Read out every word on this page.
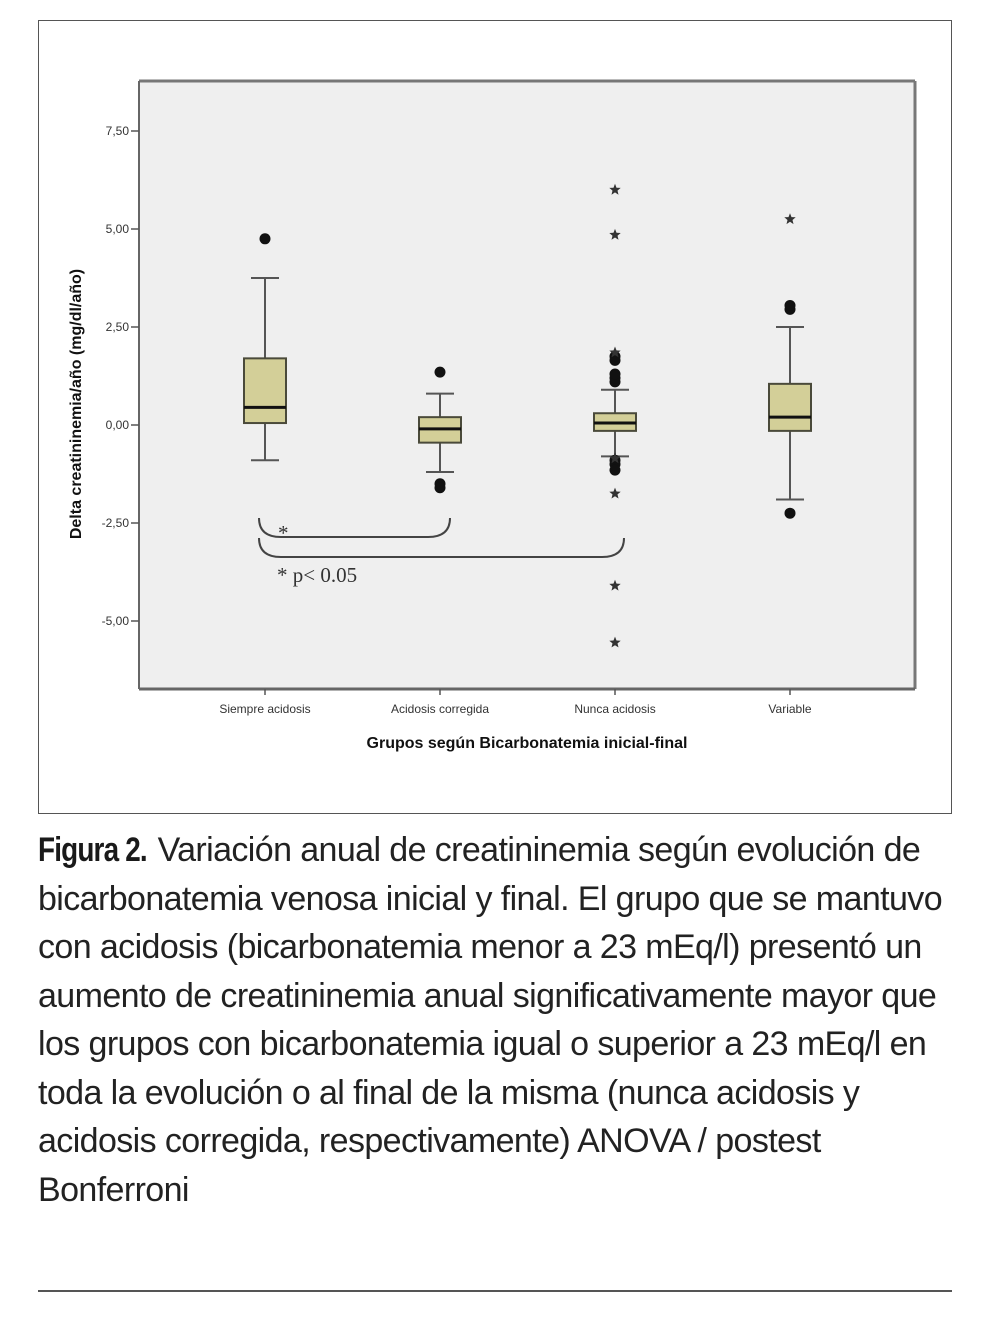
7,50
5,00
2,50
0,00
-2,50
-5,00
Siempre acidosis	Acidosis corregida	Nunca acidosis	Variable
Grupos según Bicarbonatemia inicial-final
Delta creatininemia/año (mg/dl/año)	*
* p< 0.05
Figura 2. Variación anual de creatininemia según evolución de bicarbonatemia venosa inicial y final. El grupo que se mantuvo con acidosis (bicarbonatemia menor a 23 mEq/l) presentó un aumento de creatininemia anual significativamente mayor que los grupos con bicarbonatemia igual o superior a 23 mEq/l en toda la evolución o al final de la misma (nunca acidosis y acidosis corregida, respectivamente) ANOVA / postest Bonferroni
